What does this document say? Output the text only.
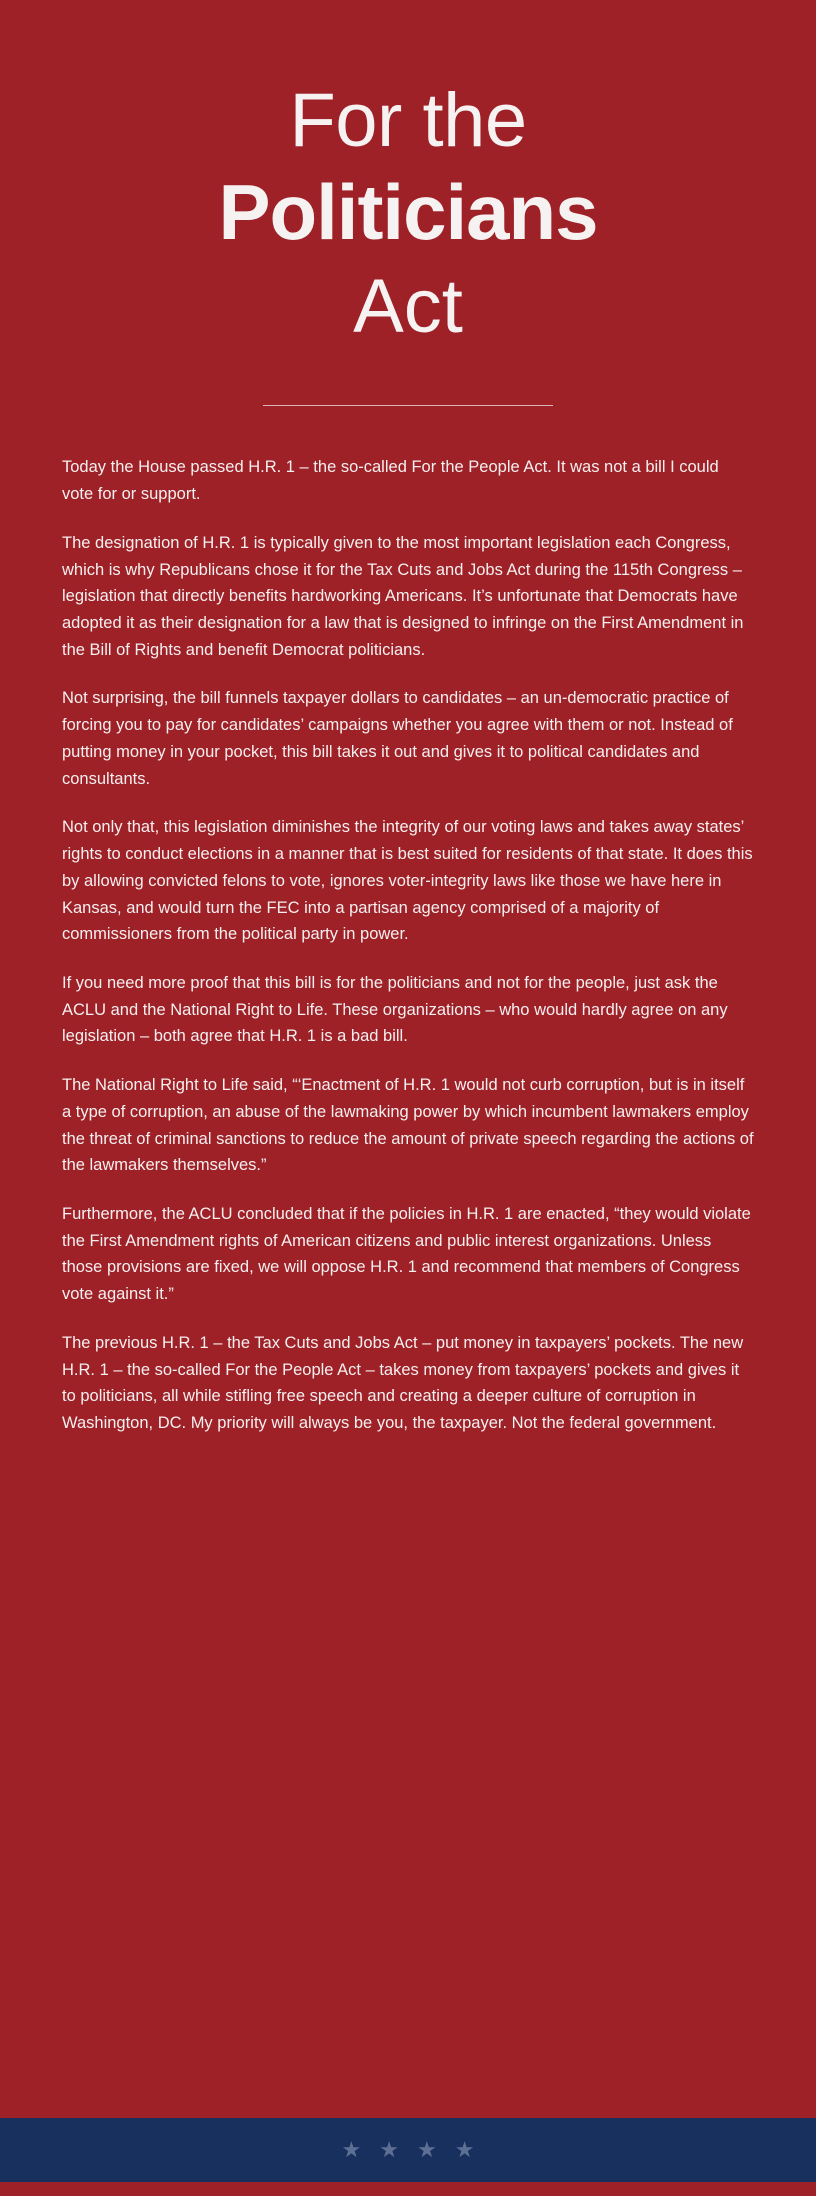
For the
Politicians
Act

Today the House passed H.R. 1 – the so-called For the People Act. It was not a bill I could vote for or support.

The designation of H.R. 1 is typically given to the most important legislation each Congress, which is why Republicans chose it for the Tax Cuts and Jobs Act during the 115th Congress – legislation that directly benefits hardworking Americans. It’s unfortunate that Democrats have adopted it as their designation for a law that is designed to infringe on the First Amendment in the Bill of Rights and benefit Democrat politicians.

Not surprising, the bill funnels taxpayer dollars to candidates – an un-democratic practice of forcing you to pay for candidates’ campaigns whether you agree with them or not. Instead of putting money in your pocket, this bill takes it out and gives it to political candidates and consultants.

Not only that, this legislation diminishes the integrity of our voting laws and takes away states’ rights to conduct elections in a manner that is best suited for residents of that state. It does this by allowing convicted felons to vote, ignores voter-integrity laws like those we have here in Kansas, and would turn the FEC into a partisan agency comprised of a majority of commissioners from the political party in power.

If you need more proof that this bill is for the politicians and not for the people, just ask the ACLU and the National Right to Life. These organizations – who would hardly agree on any legislation – both agree that H.R. 1 is a bad bill.

The National Right to Life said, “‘Enactment of H.R. 1 would not curb corruption, but is in itself a type of corruption, an abuse of the lawmaking power by which incumbent lawmakers employ the threat of criminal sanctions to reduce the amount of private speech regarding the actions of the lawmakers themselves.”

Furthermore, the ACLU concluded that if the policies in H.R. 1 are enacted, “they would violate the First Amendment rights of American citizens and public interest organizations. Unless those provisions are fixed, we will oppose H.R. 1 and recommend that members of Congress vote against it.”

The previous H.R. 1 – the Tax Cuts and Jobs Act – put money in taxpayers’ pockets. The new H.R. 1 – the so-called For the People Act – takes money from taxpayers’ pockets and gives it to politicians, all while stifling free speech and creating a deeper culture of corruption in Washington, DC. My priority will always be you, the taxpayer. Not the federal government.

★ ★ ★ ★
